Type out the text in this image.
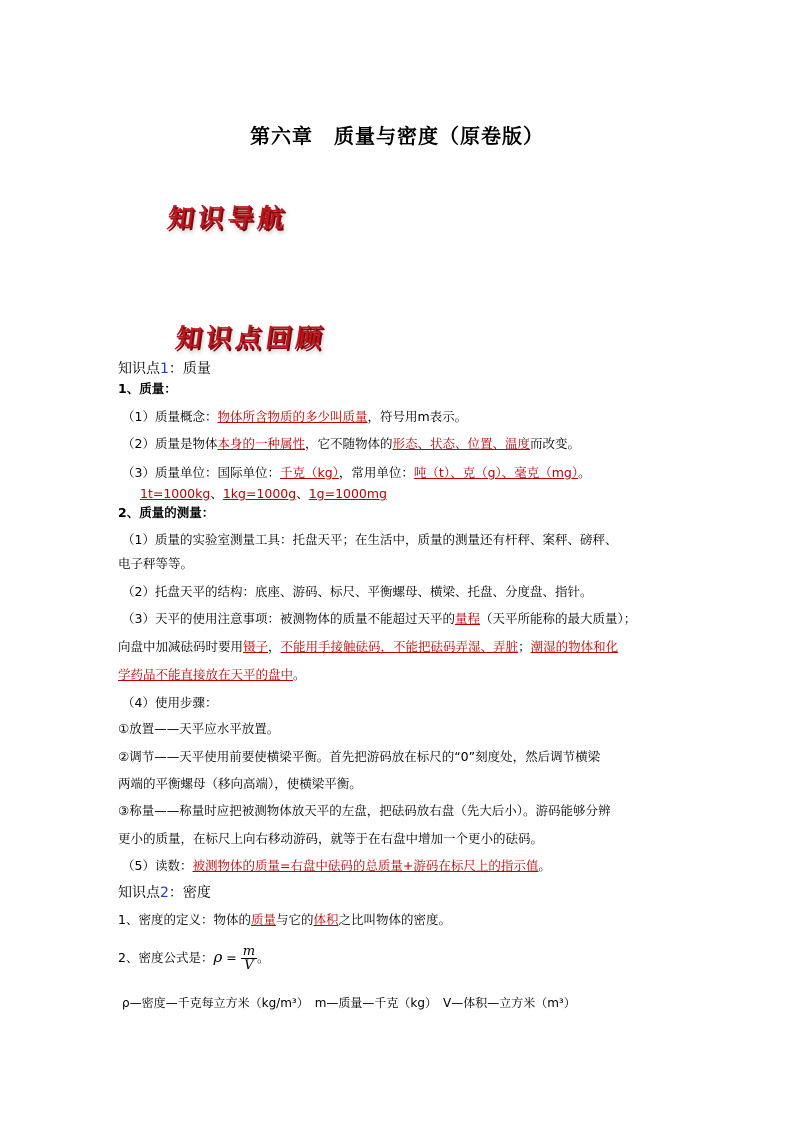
第六章　质量与密度（原卷版）
知识导航
知识点回顾
知识点1：质量
1、质量：
（1）质量概念：物体所含物质的多少叫质量，符号用m表示。
（2）质量是物体本身的一种属性，它不随物体的形态、状态、位置、温度而改变。
（3）质量单位：国际单位：千克（kg），常用单位：吨（t）、克（g）、毫克（mg）。
1t=1000kg、1kg=1000g、1g=1000mg
2、质量的测量：
（1）质量的实验室测量工具：托盘天平；在生活中，质量的测量还有杆秤、案秤、磅秤、
电子秤等等。
（2）托盘天平的结构：底座、游码、标尺、平衡螺母、横梁、托盘、分度盘、指针。
（3）天平的使用注意事项：被测物体的质量不能超过天平的量程（天平所能称的最大质量）；
向盘中加减砝码时要用镊子，不能用手接触砝码，不能把砝码弄湿、弄脏；潮湿的物体和化
学药品不能直接放在天平的盘中。
（4）使用步骤：
①放置——天平应水平放置。
②调节——天平使用前要使横梁平衡。首先把游码放在标尺的“0”刻度处，然后调节横梁
两端的平衡螺母（移向高端），使横梁平衡。
③称量——称量时应把被测物体放天平的左盘，把砝码放右盘（先大后小）。游码能够分辨
更小的质量，在标尺上向右移动游码，就等于在右盘中增加一个更小的砝码。
（5）读数：被测物体的质量=右盘中砝码的总质量+游码在标尺上的指示值。
知识点2：密度
1、密度的定义：物体的质量与它的体积之比叫物体的密度。
2、密度公式是：$\rho = \frac{m}{V}$ 。
ρ—密度—千克每立方米（kg/m³）　m—质量—千克（kg）　V—体积—立方米（m³）
